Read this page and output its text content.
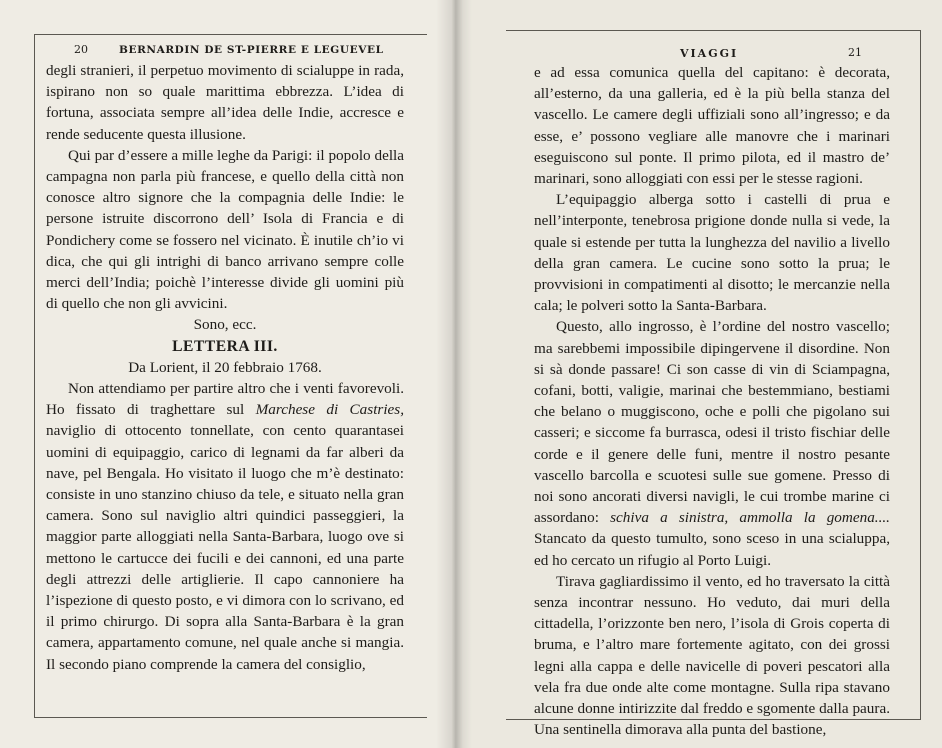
20	BERNARDIN DE ST-PIERRE E LEGUEVEL	VIAGGI	21

degli stranieri, il perpetuo movimento di scialuppe in rada, ispirano non so quale marittima ebbrezza. L’idea di fortuna, associata sempre all’idea delle Indie, accresce e rende seducente questa illusione.

Qui par d’essere a mille leghe da Parigi: il popolo della campagna non parla più francese, e quello della città non conosce altro signore che la compagnia delle Indie: le persone istruite discorrono dell’ Isola di Francia e di Pondichery come se fossero nel vicinato. È inutile ch’io vi dica, che qui gli intrighi di banco arrivano sempre colle merci dell’India; poichè l’interesse divide gli uomini più di quello che non gli avvicini.

Sono, ecc.

LETTERA III.

Da Lorient, il 20 febbraio 1768.

Non attendiamo per partire altro che i venti favorevoli. Ho fissato di traghettare sul Marchese di Castries, naviglio di ottocento tonnellate, con cento quarantasei uomini di equipaggio, carico di legnami da far alberi da nave, pel Bengala. Ho visitato il luogo che m’è destinato: consiste in uno stanzino chiuso da tele, e situato nella gran camera. Sono sul naviglio altri quindici passeggieri, la maggior parte alloggiati nella Santa-Barbara, luogo ove si mettono le cartucce dei fucili e dei cannoni, ed una parte degli attrezzi delle artiglierie. Il capo cannoniere ha l’ispezione di questo posto, e vi dimora con lo scrivano, ed il primo chirurgo. Di sopra alla Santa-Barbara è la gran camera, appartamento comune, nel quale anche si mangia. Il secondo piano comprende la camera del consiglio,

e ad essa comunica quella del capitano: è decorata, all’esterno, da una galleria, ed è la più bella stanza del vascello. Le camere degli uffiziali sono all’ingresso; e da esse, e’ possono vegliare alle manovre che i marinari eseguiscono sul ponte. Il primo pilota, ed il mastro de’ marinari, sono alloggiati con essi per le stesse ragioni.

L’equipaggio alberga sotto i castelli di prua e nell’interponte, tenebrosa prigione donde nulla si vede, la quale si estende per tutta la lunghezza del navilio a livello della gran camera. Le cucine sono sotto la prua; le provvisioni in compatimenti al disotto; le mercanzie nella cala; le polveri sotto la Santa-Barbara.

Questo, allo ingrosso, è l’ordine del nostro vascello; ma sarebbemi impossibile dipingervene il disordine. Non si sà donde passare! Ci son casse di vin di Sciampagna, cofani, botti, valigie, marinai che bestemmiano, bestiami che belano o muggiscono, oche e polli che pigolano sui casseri; e siccome fa burrasca, odesi il tristo fischiar delle corde e il genere delle funi, mentre il nostro pesante vascello barcolla e scuotesi sulle sue gomene. Presso di noi sono ancorati diversi navigli, le cui trombe marine ci assordano: schiva a sinistra, ammolla la gomena.... Stancato da questo tumulto, sono sceso in una scialuppa, ed ho cercato un rifugio al Porto Luigi.

Tirava gagliardissimo il vento, ed ho traversato la città senza incontrar nessuno. Ho veduto, dai muri della cittadella, l’orizzonte ben nero, l’isola di Grois coperta di bruma, e l’altro mare fortemente agitato, con dei grossi legni alla cappa e delle navicelle di poveri pescatori alla vela fra due onde alte come montagne. Sulla ripa stavano alcune donne intirizzite dal freddo e sgomente dalla paura. Una sentinella dimorava alla punta del bastione,
